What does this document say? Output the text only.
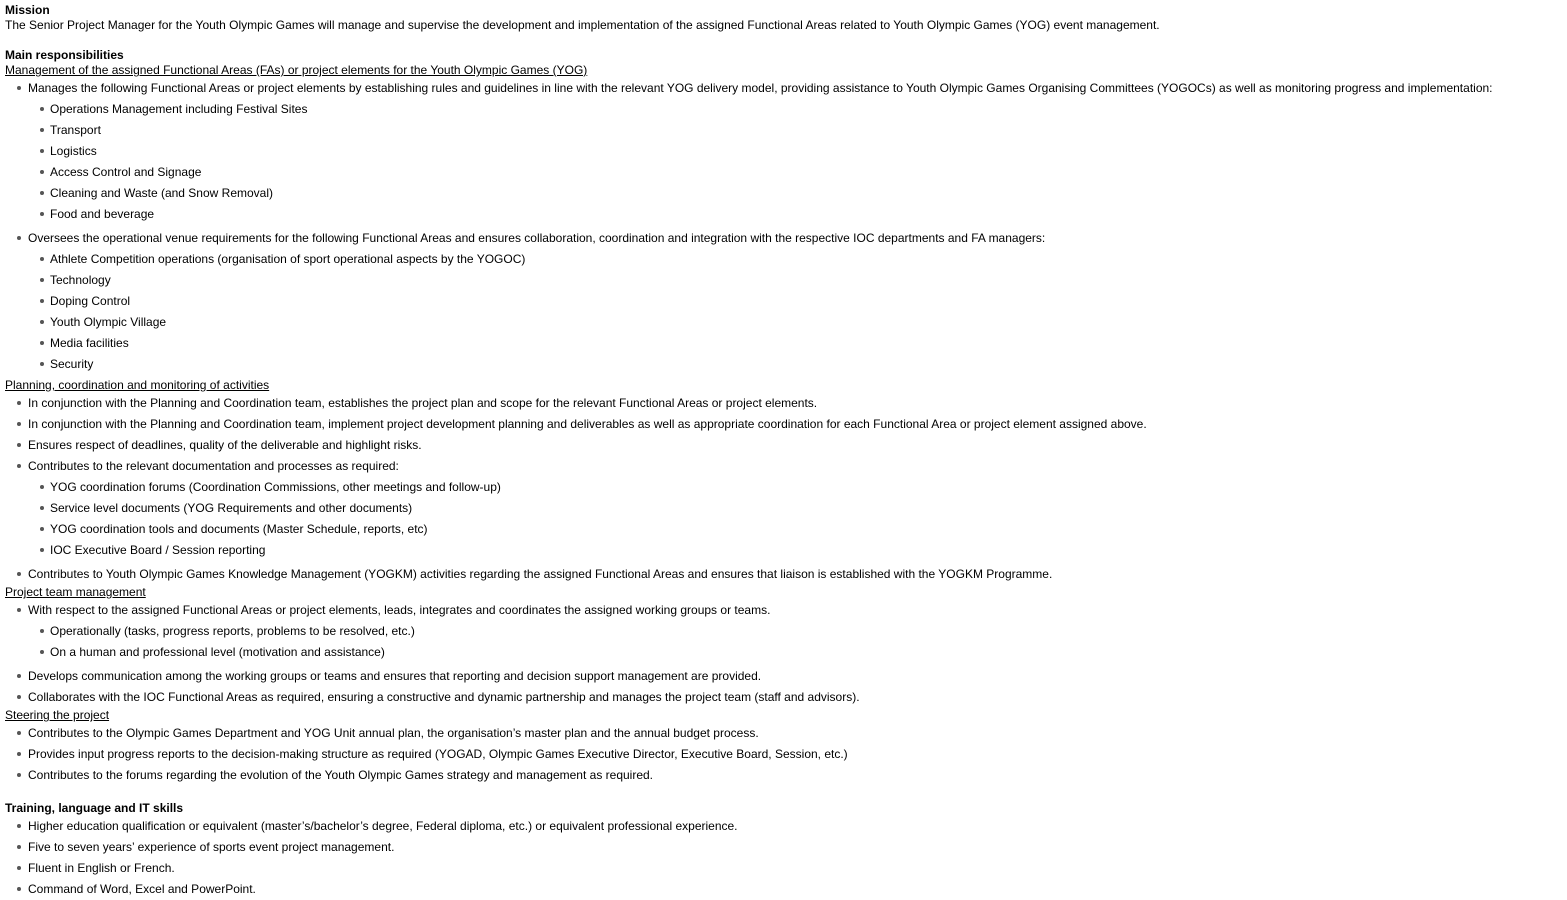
Mission
The Senior Project Manager for the Youth Olympic Games will manage and supervise the development and implementation of the assigned Functional Areas related to Youth Olympic Games (YOG) event management.
Main responsibilities
Management of the assigned Functional Areas (FAs) or project elements for the Youth Olympic Games (YOG)
Manages the following Functional Areas or project elements by establishing rules and guidelines in line with the relevant YOG delivery model, providing assistance to Youth Olympic Games Organising Committees (YOGOCs) as well as monitoring progress and implementation:
Operations Management including Festival Sites
Transport
Logistics
Access Control and Signage
Cleaning and Waste (and Snow Removal)
Food and beverage
Oversees the operational venue requirements for the following Functional Areas and ensures collaboration, coordination and integration with the respective IOC departments and FA managers:
Athlete Competition operations (organisation of sport operational aspects by the YOGOC)
Technology
Doping Control
Youth Olympic Village
Media facilities
Security
Planning, coordination and monitoring of activities
In conjunction with the Planning and Coordination team, establishes the project plan and scope for the relevant Functional Areas or project elements.
In conjunction with the Planning and Coordination team, implement project development planning and deliverables as well as appropriate coordination for each Functional Area or project element assigned above.
Ensures respect of deadlines, quality of the deliverable and highlight risks.
Contributes to the relevant documentation and processes as required:
YOG coordination forums (Coordination Commissions, other meetings and follow-up)
Service level documents (YOG Requirements and other documents)
YOG coordination tools and documents (Master Schedule, reports, etc)
IOC Executive Board / Session reporting
Contributes to Youth Olympic Games Knowledge Management (YOGKM) activities regarding the assigned Functional Areas and ensures that liaison is established with the YOGKM Programme.
Project team management
With respect to the assigned Functional Areas or project elements, leads, integrates and coordinates the assigned working groups or teams.
Operationally (tasks, progress reports, problems to be resolved, etc.)
On a human and professional level (motivation and assistance)
Develops communication among the working groups or teams and ensures that reporting and decision support management are provided.
Collaborates with the IOC Functional Areas as required, ensuring a constructive and dynamic partnership and manages the project team (staff and advisors).
Steering the project
Contributes to the Olympic Games Department and YOG Unit annual plan, the organisation’s master plan and the annual budget process.
Provides input progress reports to the decision-making structure as required (YOGAD, Olympic Games Executive Director, Executive Board, Session, etc.)
Contributes to the forums regarding the evolution of the Youth Olympic Games strategy and management as required.
Training, language and IT skills
Higher education qualification or equivalent (master’s/bachelor’s degree, Federal diploma, etc.) or equivalent professional experience.
Five to seven years’ experience of sports event project management.
Fluent in English or French.
Command of Word, Excel and PowerPoint.
